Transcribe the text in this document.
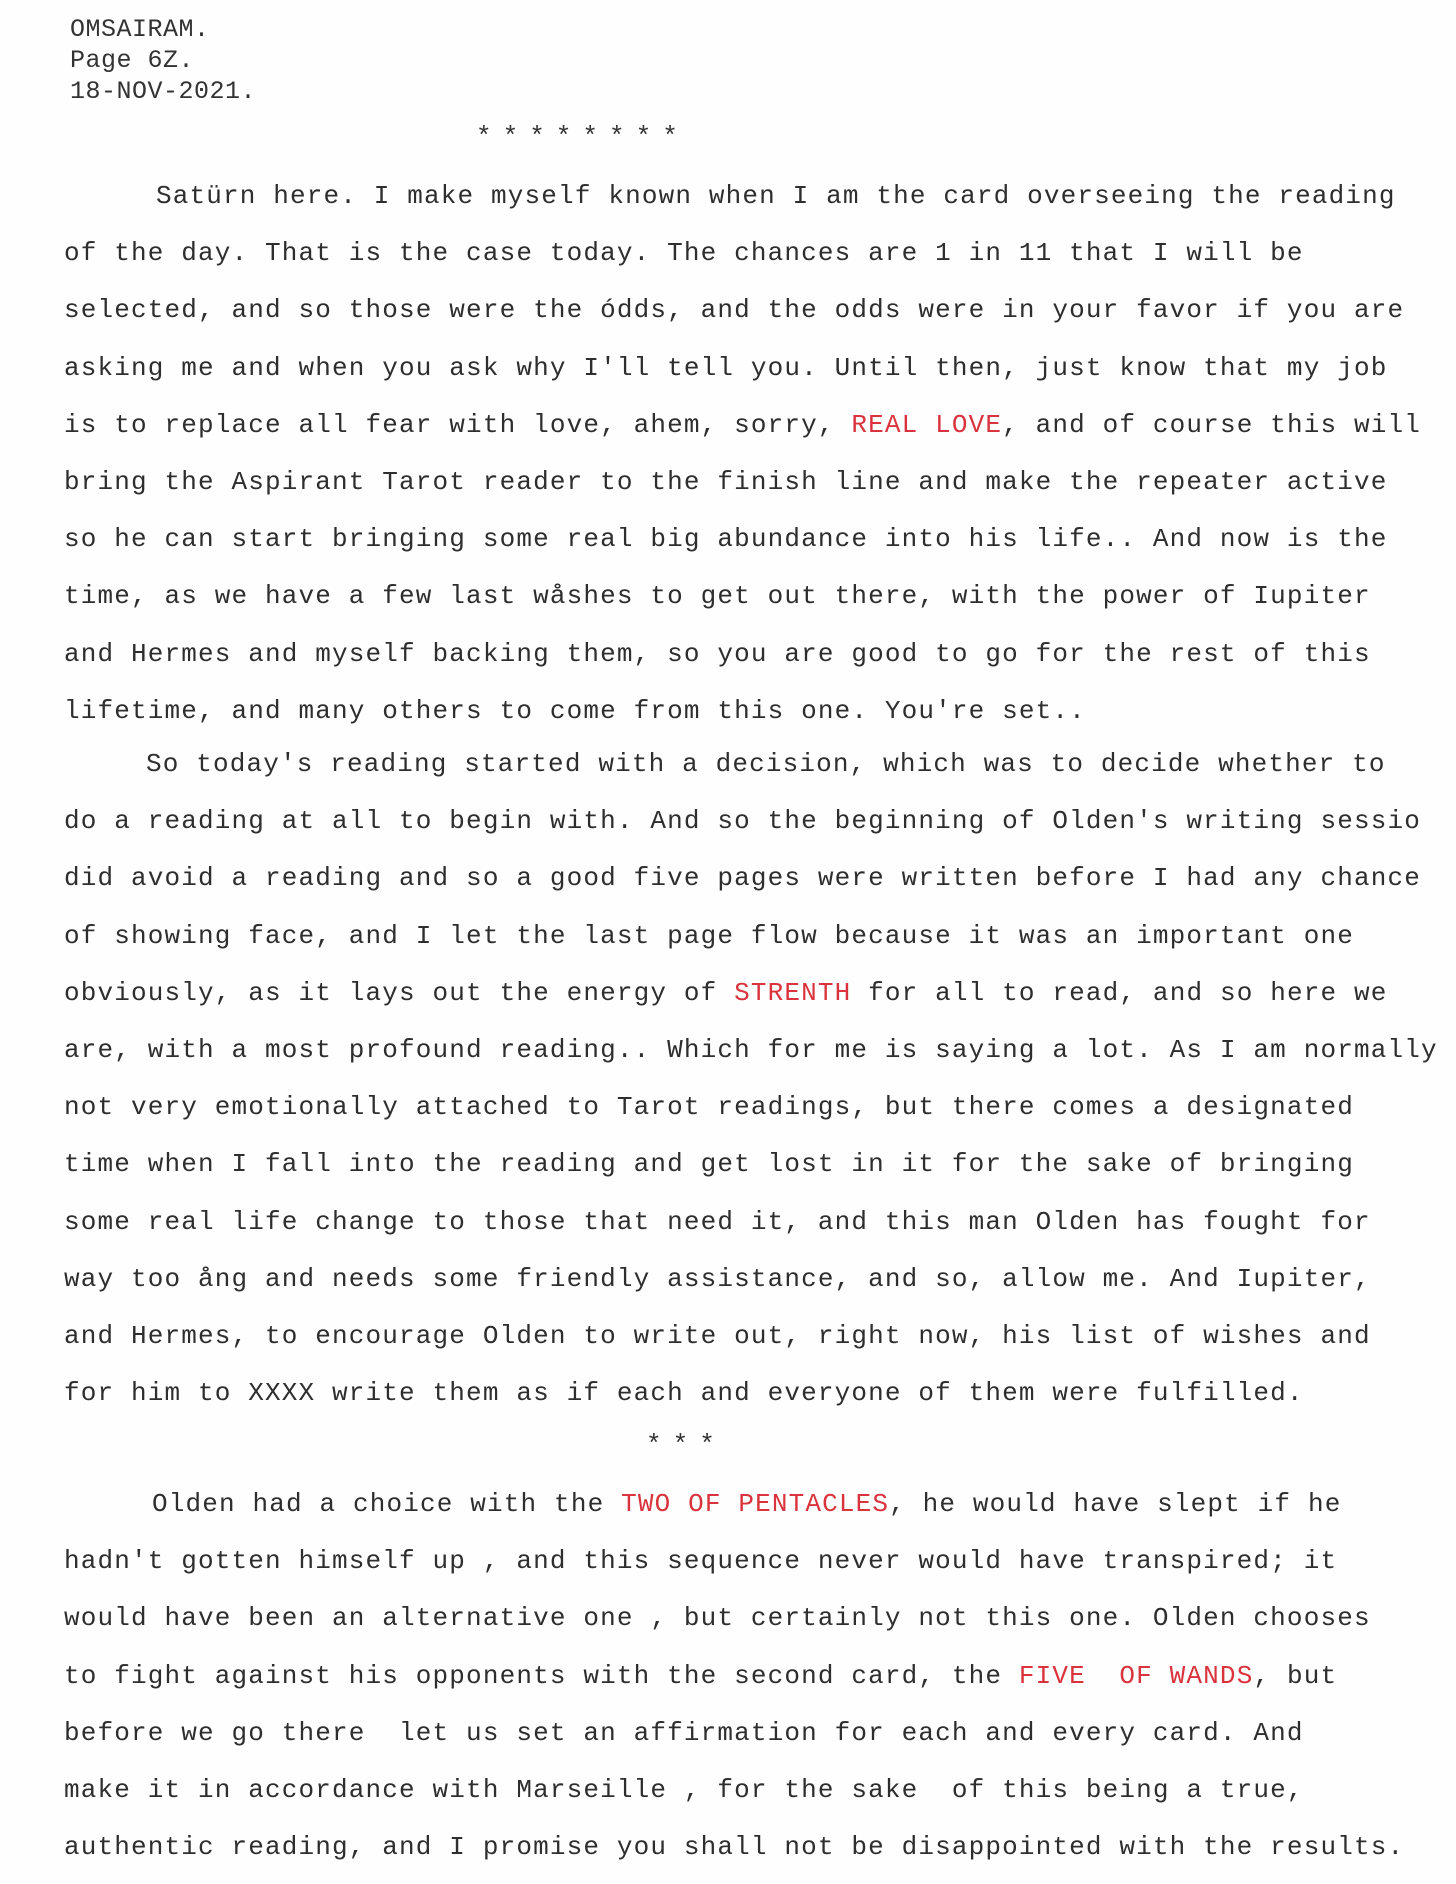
OMSAIRAM.
Page 6Z.
18-NOV-2021.
********
Satürn here. I make myself known when I am the card overseeing the reading
of the day. That is the case today. The chances are 1 in 11 that I will be
selected, and so those were the ódds, and the odds were in your favor if you are
asking me and when you ask why I'll tell you. Until then, just know that my job
is to replace all fear with love, ahem, sorry, REAL LOVE, and of course this will
bring the Aspirant Tarot reader to the finish line and make the repeater active
so he can start bringing some real big abundance into his life.. And now is the
time, as we have a few last wåshes to get out there, with the power of Iupiter
and Hermes and myself backing them, so you are good to go for the rest of this
lifetime, and many others to come from this one. You're set..
So today's reading started with a decision, which was to decide whether to
do a reading at all to begin with. And so the beginning of Olden's writing sessio
did avoid a reading and so a good five pages were written before I had any chance
of showing face, and I let the last page flow because it was an important one
obviously, as it lays out the energy of STRENTH for all to read, and so here we
are, with a most profound reading.. Which for me is saying a lot. As I am normally
not very emotionally attached to Tarot readings, but there comes a designated
time when I fall into the reading and get lost in it for the sake of bringing
some real life change to those that need it, and this man Olden has fought for
way too ång and needs some friendly assistance, and so, allow me. And Iupiter,
and Hermes, to encourage Olden to write out, right now, his list of wishes and
for him to XXXX write them as if each and everyone of them were fulfilled.
***
Olden had a choice with the TWO OF PENTACLES, he would have slept if he
hadn't gotten himself up , and this sequence never would have transpired; it
would have been an alternative one , but certainly not this one. Olden chooses
to fight against his opponents with the second card, the FIVE  OF WANDS, but
before we go there  let us set an affirmation for each and every card. And
make it in accordance with Marseille , for the sake  of this being a true,
authentic reading, and I promise you shall not be disappointed with the results.
